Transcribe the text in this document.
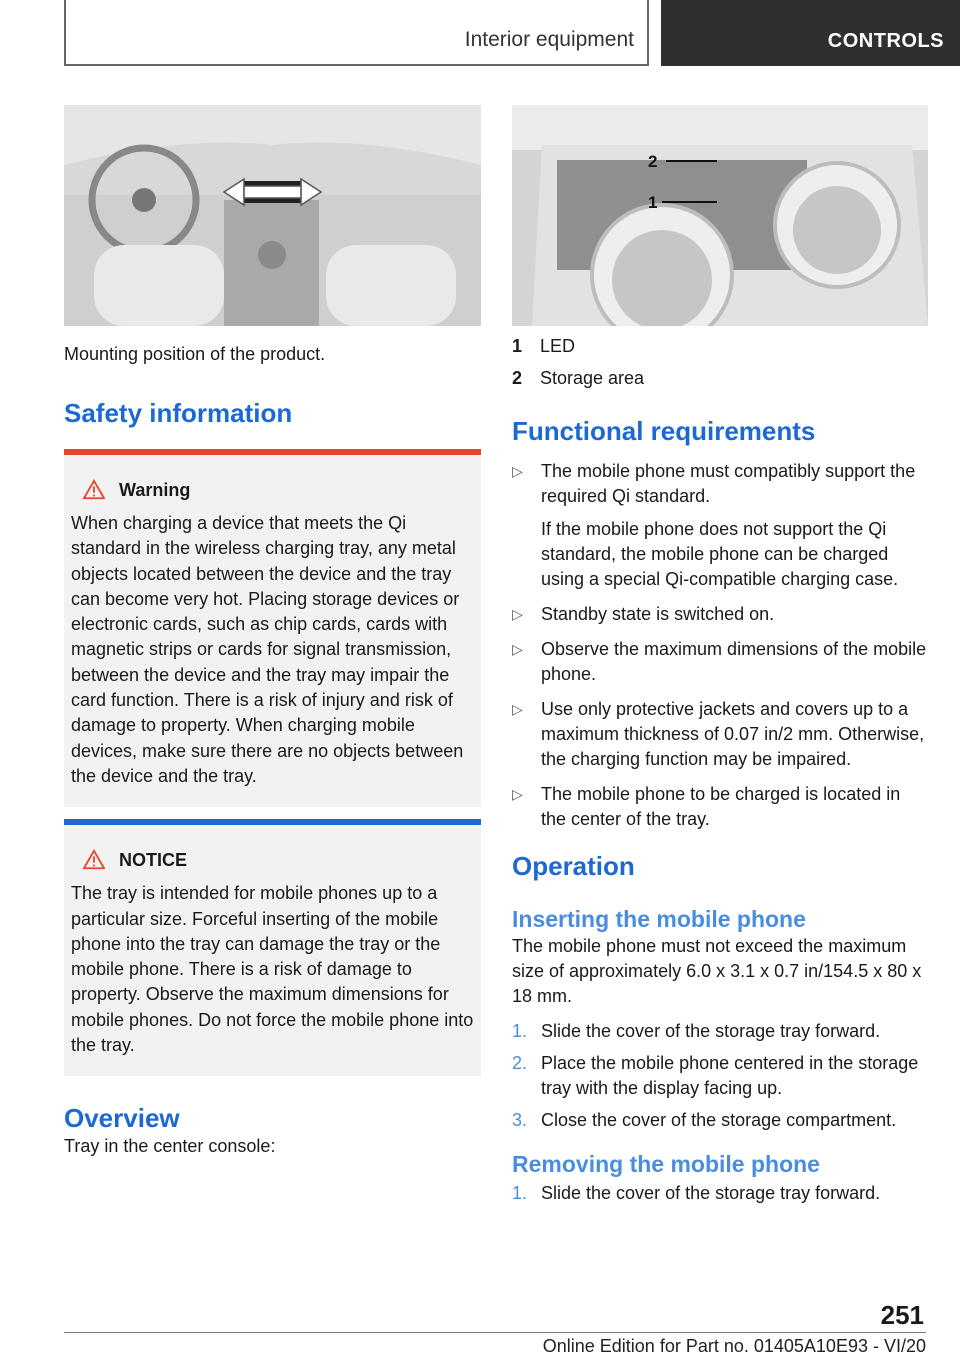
Interior equipment	CONTROLS
Mounting position of the product.
Safety information
Warning
When charging a device that meets the Qi standard in the wireless charging tray, any metal objects located between the device and the tray can become very hot. Placing storage devices or electronic cards, such as chip cards, cards with magnetic strips or cards for signal transmission, between the device and the tray may impair the card function. There is a risk of injury and risk of damage to property. When charging mobile devices, make sure there are no objects between the device and the tray.
NOTICE
The tray is intended for mobile phones up to a particular size. Forceful inserting of the mobile phone into the tray can damage the tray or the mobile phone. There is a risk of damage to property. Observe the maximum dimensions for mobile phones. Do not force the mobile phone into the tray.
Overview
Tray in the center console:
2
1
1 LED
2 Storage area
Functional requirements
▷	The mobile phone must compatibly support the required Qi standard.

If the mobile phone does not support the Qi standard, the mobile phone can be charged using a special Qi-compatible charging case.

▷	Standby state is switched on.

▷	Observe the maximum dimensions of the mobile phone.

▷	Use only protective jackets and covers up to a maximum thickness of 0.07 in/2 mm. Otherwise, the charging function may be impaired.

▷	The mobile phone to be charged is located in the center of the tray.

Operation
Inserting the mobile phone
The mobile phone must not exceed the maximum size of approximately 6.0 x 3.1 x 0.7 in/154.5 x 80 x 18 mm.
1. Slide the cover of the storage tray forward.
2. Place the mobile phone centered in the storage tray with the display facing up.
3. Close the cover of the storage compartment.
Removing the mobile phone
1. Slide the cover of the storage tray forward.
251
Online Edition for Part no. 01405A10E93 - VI/20
